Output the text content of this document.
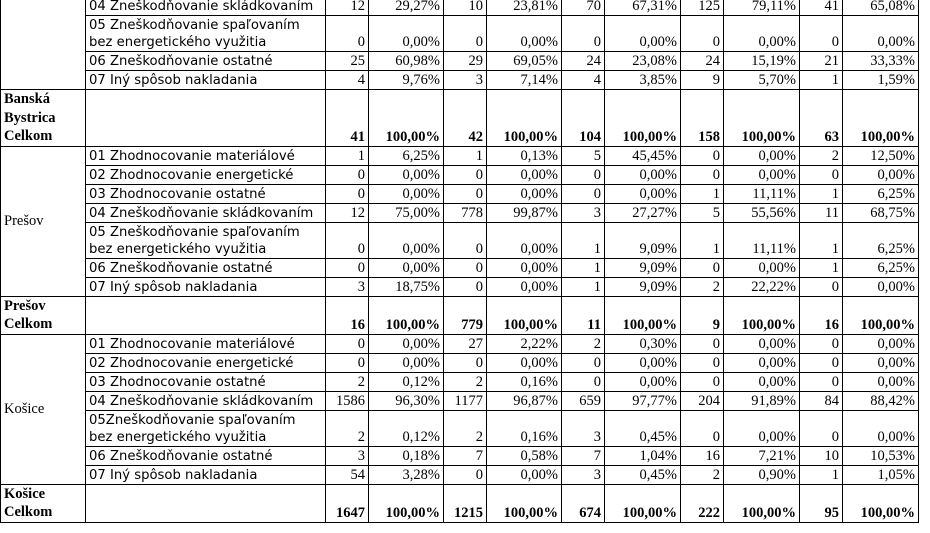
	04 Zneškodňovanie skládkovaním	12	29,27%	10	23,81%	70	67,31%	125	79,11%	41	65,08%
	05 Zneškodňovanie spaľovaním bez energetického využitia	0	0,00%	0	0,00%	0	0,00%	0	0,00%	0	0,00%
	06 Zneškodňovanie ostatné	25	60,98%	29	69,05%	24	23,08%	24	15,19%	21	33,33%
	07 Iný spôsob nakladania	4	9,76%	3	7,14%	4	3,85%	9	5,70%	1	1,59%
Banská Bystrica Celkom		41	100,00%	42	100,00%	104	100,00%	158	100,00%	63	100,00%
Prešov	01 Zhodnocovanie materiálové	1	6,25%	1	0,13%	5	45,45%	0	0,00%	2	12,50%
	02 Zhodnocovanie energetické	0	0,00%	0	0,00%	0	0,00%	0	0,00%	0	0,00%
	03 Zhodnocovanie ostatné	0	0,00%	0	0,00%	0	0,00%	1	11,11%	1	6,25%
	04 Zneškodňovanie skládkovaním	12	75,00%	778	99,87%	3	27,27%	5	55,56%	11	68,75%
	05 Zneškodňovanie spaľovaním bez energetického využitia	0	0,00%	0	0,00%	1	9,09%	1	11,11%	1	6,25%
	06 Zneškodňovanie ostatné	0	0,00%	0	0,00%	1	9,09%	0	0,00%	1	6,25%
	07 Iný spôsob nakladania	3	18,75%	0	0,00%	1	9,09%	2	22,22%	0	0,00%
Prešov Celkom		16	100,00%	779	100,00%	11	100,00%	9	100,00%	16	100,00%
Košice	01 Zhodnocovanie materiálové	0	0,00%	27	2,22%	2	0,30%	0	0,00%	0	0,00%
	02 Zhodnocovanie energetické	0	0,00%	0	0,00%	0	0,00%	0	0,00%	0	0,00%
	03 Zhodnocovanie ostatné	2	0,12%	2	0,16%	0	0,00%	0	0,00%	0	0,00%
	04 Zneškodňovanie skládkovaním	1586	96,30%	1177	96,87%	659	97,77%	204	91,89%	84	88,42%
	05Zneškodňovanie spaľovaním bez energetického využitia	2	0,12%	2	0,16%	3	0,45%	0	0,00%	0	0,00%
	06 Zneškodňovanie ostatné	3	0,18%	7	0,58%	7	1,04%	16	7,21%	10	10,53%
	07 Iný spôsob nakladania	54	3,28%	0	0,00%	3	0,45%	2	0,90%	1	1,05%
Košice Celkom		1647	100,00%	1215	100,00%	674	100,00%	222	100,00%	95	100,00%
